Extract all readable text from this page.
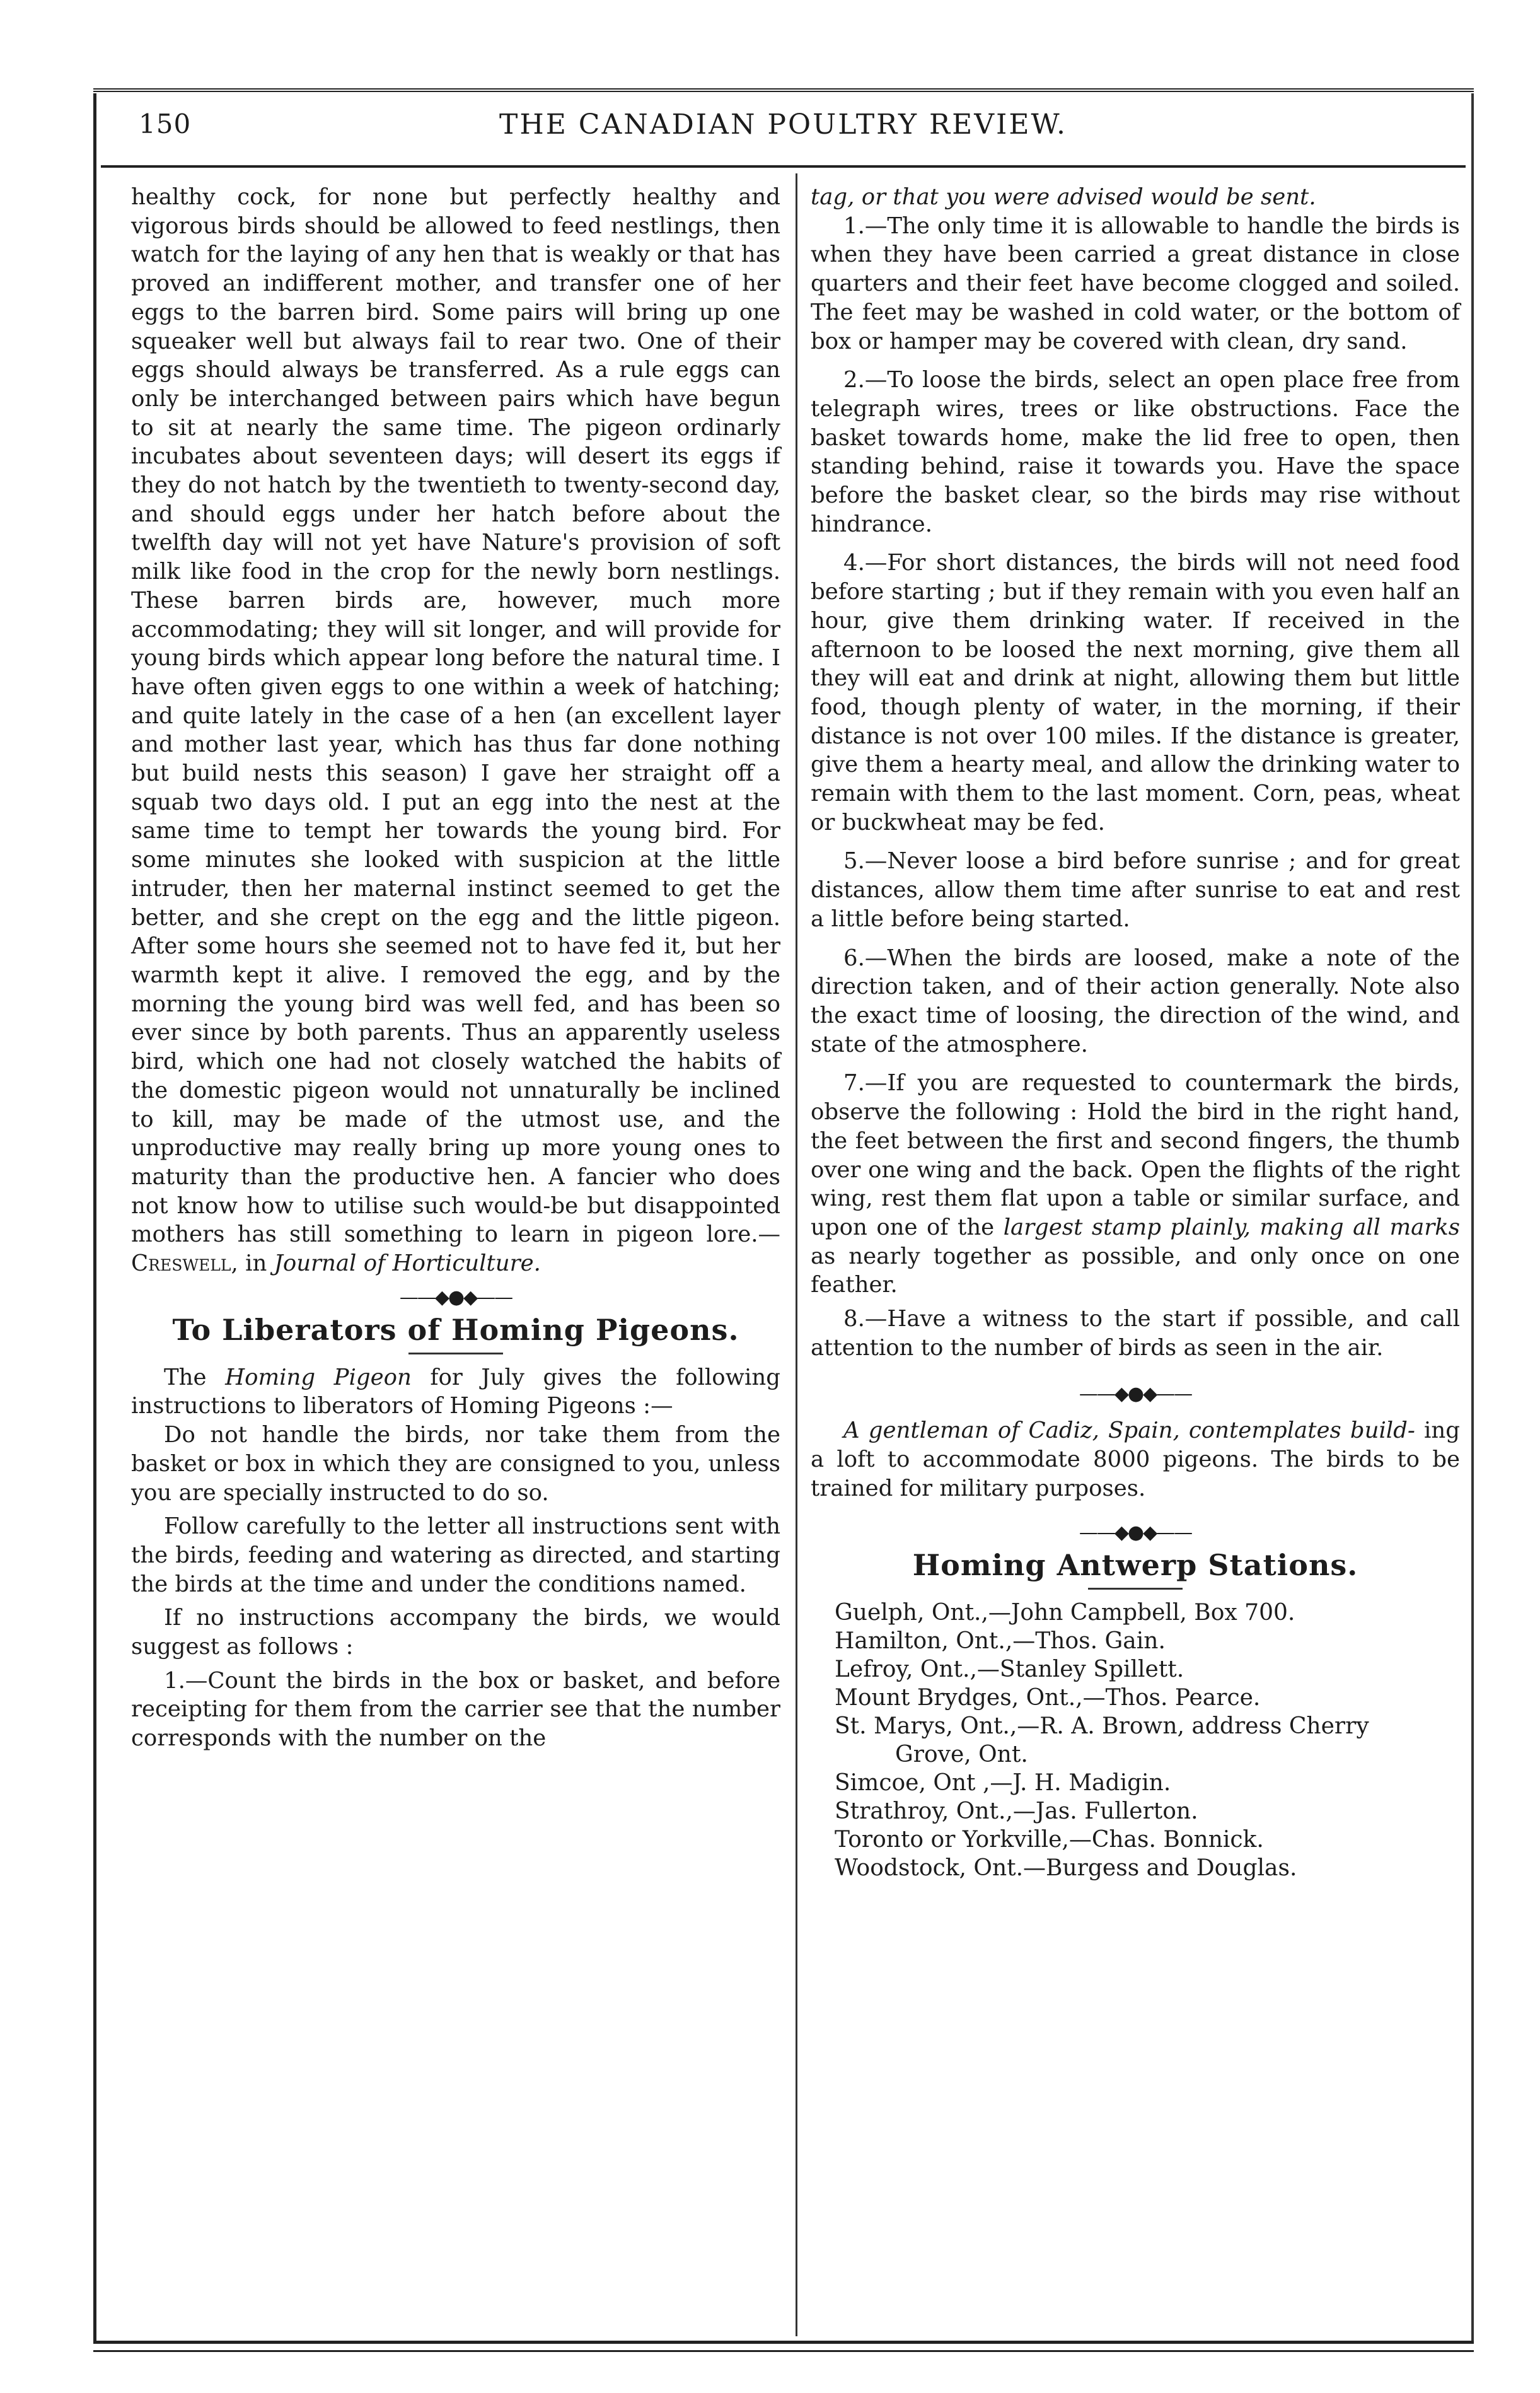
150	THE CANADIAN POULTRY REVIEW.

healthy cock, for none but perfectly healthy and vigorous birds should be allowed to feed nestlings, then watch for the laying of any hen that is weakly or that has proved an indifferent mother, and transfer one of her eggs to the barren bird. Some pairs will bring up one squeaker well but always fail to rear two. One of their eggs should always be transferred. As a rule eggs can only be interchanged between pairs which have begun to sit at nearly the same time. The pigeon ordinarly incubates about seventeen days; will desert its eggs if they do not hatch by the twentieth to twenty-second day, and should eggs under her hatch before about the twelfth day will not yet have Nature's provision of soft milk like food in the crop for the newly born nestlings. These barren birds are, however, much more accommodating; they will sit longer, and will provide for young birds which appear long before the natural time. I have often given eggs to one within a week of hatching; and quite lately in the case of a hen (an excellent layer and mother last year, which has thus far done nothing but build nests this season) I gave her straight off a squab two days old. I put an egg into the nest at the same time to tempt her towards the young bird. For some minutes she looked with suspicion at the little intruder, then her maternal instinct seemed to get the better, and she crept on the egg and the little pigeon. After some hours she seemed not to have fed it, but her warmth kept it alive. I removed the egg, and by the morning the young bird was well fed, and has been so ever since by both parents. Thus an apparently useless bird, which one had not closely watched the habits of the domestic pigeon would not unnaturally be inclined to kill, may be made of the utmost use, and the unproductive may really bring up more young ones to maturity than the productive hen. A fancier who does not know how to utilise such would-be but disappointed mothers has still something to learn in pigeon lore.—Creswell, in Journal of Horticulture.

——◆●◆——
To Liberators of Homing Pigeons.

The Homing Pigeon for July gives the following instructions to liberators of Homing Pigeons :—

Do not handle the birds, nor take them from the basket or box in which they are consigned to you, unless you are specially instructed to do so.

Follow carefully to the letter all instructions sent with the birds, feeding and watering as directed, and starting the birds at the time and under the conditions named.

If no instructions accompany the birds, we would suggest as follows :

1.—Count the birds in the box or basket, and before receipting for them from the carrier see that the number corresponds with the number on the

tag, or that you were advised would be sent.

1.—The only time it is allowable to handle the birds is when they have been carried a great distance in close quarters and their feet have become clogged and soiled. The feet may be washed in cold water, or the bottom of box or hamper may be covered with clean, dry sand.

2.—To loose the birds, select an open place free from telegraph wires, trees or like obstructions. Face the basket towards home, make the lid free to open, then standing behind, raise it towards you. Have the space before the basket clear, so the birds may rise without hindrance.

4.—For short distances, the birds will not need food before starting ; but if they remain with you even half an hour, give them drinking water. If received in the afternoon to be loosed the next morning, give them all they will eat and drink at night, allowing them but little food, though plenty of water, in the morning, if their distance is not over 100 miles. If the distance is greater, give them a hearty meal, and allow the drinking water to remain with them to the last moment. Corn, peas, wheat or buckwheat may be fed.

5.—Never loose a bird before sunrise ; and for great distances, allow them time after sunrise to eat and rest a little before being started.

6.—When the birds are loosed, make a note of the direction taken, and of their action generally. Note also the exact time of loosing, the direction of the wind, and state of the atmosphere.

7.—If you are requested to countermark the birds, observe the following : Hold the bird in the right hand, the feet between the first and second fingers, the thumb over one wing and the back. Open the flights of the right wing, rest them flat upon a table or similar surface, and upon one of the largest stamp plainly, making all marks as nearly together as possible, and only once on one feather.

8.—Have a witness to the start if possible, and call attention to the number of birds as seen in the air.

——◆●◆——

A gentleman of Cadiz, Spain, contemplates build- ing a loft to accommodate 8000 pigeons. The birds to be trained for military purposes.

——◆●◆——
Homing Antwerp Stations.
Guelph, Ont.,—John Campbell, Box 700.
Hamilton, Ont.,—Thos. Gain.
Lefroy, Ont.,—Stanley Spillett.
Mount Brydges, Ont.,—Thos. Pearce.
St. Marys, Ont.,—R. A. Brown, address Cherry
Grove, Ont.
Simcoe, Ont ,—J. H. Madigin.
Strathroy, Ont.,—Jas. Fullerton.
Toronto or Yorkville,—Chas. Bonnick.
Woodstock, Ont.—Burgess and Douglas.
